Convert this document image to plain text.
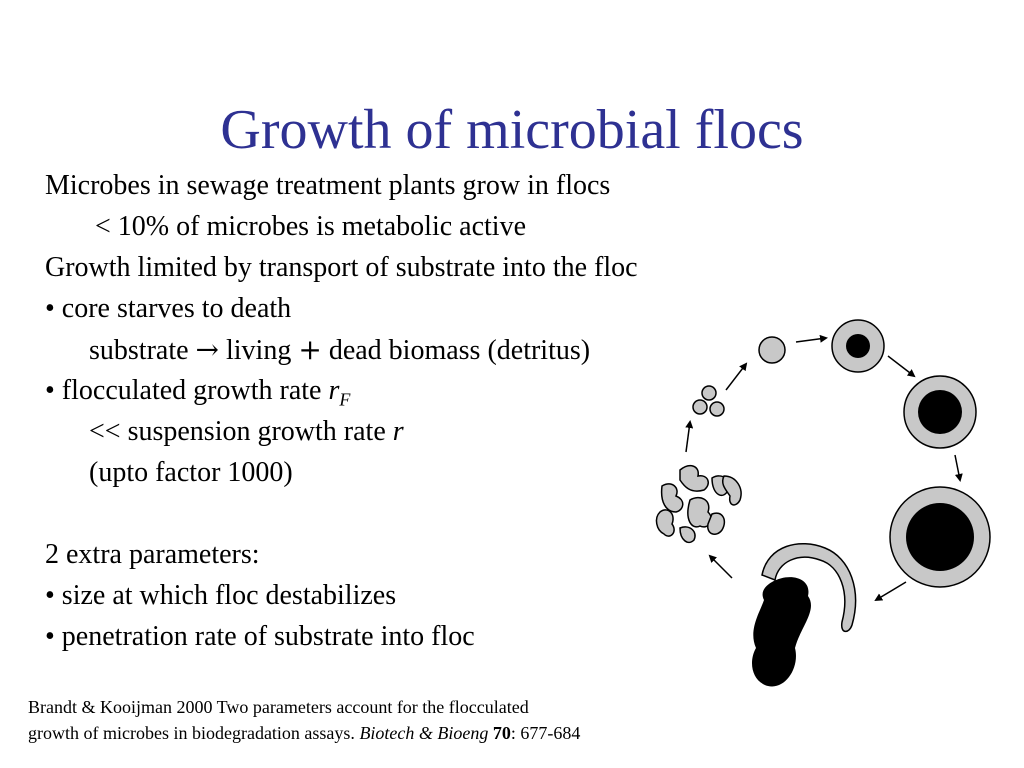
Growth of microbial flocs
Microbes in sewage treatment plants grow in flocs
< 10% of microbes is metabolic active
Growth limited by transport of substrate into the floc
• core starves to death
substrate → living + dead biomass (detritus)
• flocculated growth rate $r_F$
<< suspension growth rate r
(upto factor 1000)
2 extra parameters:
• size at which floc destabilizes
• penetration rate of substrate into floc
Brandt & Kooijman 2000 Two parameters account for the flocculated
growth of microbes in biodegradation assays. Biotech & Bioeng 70: 677-684
